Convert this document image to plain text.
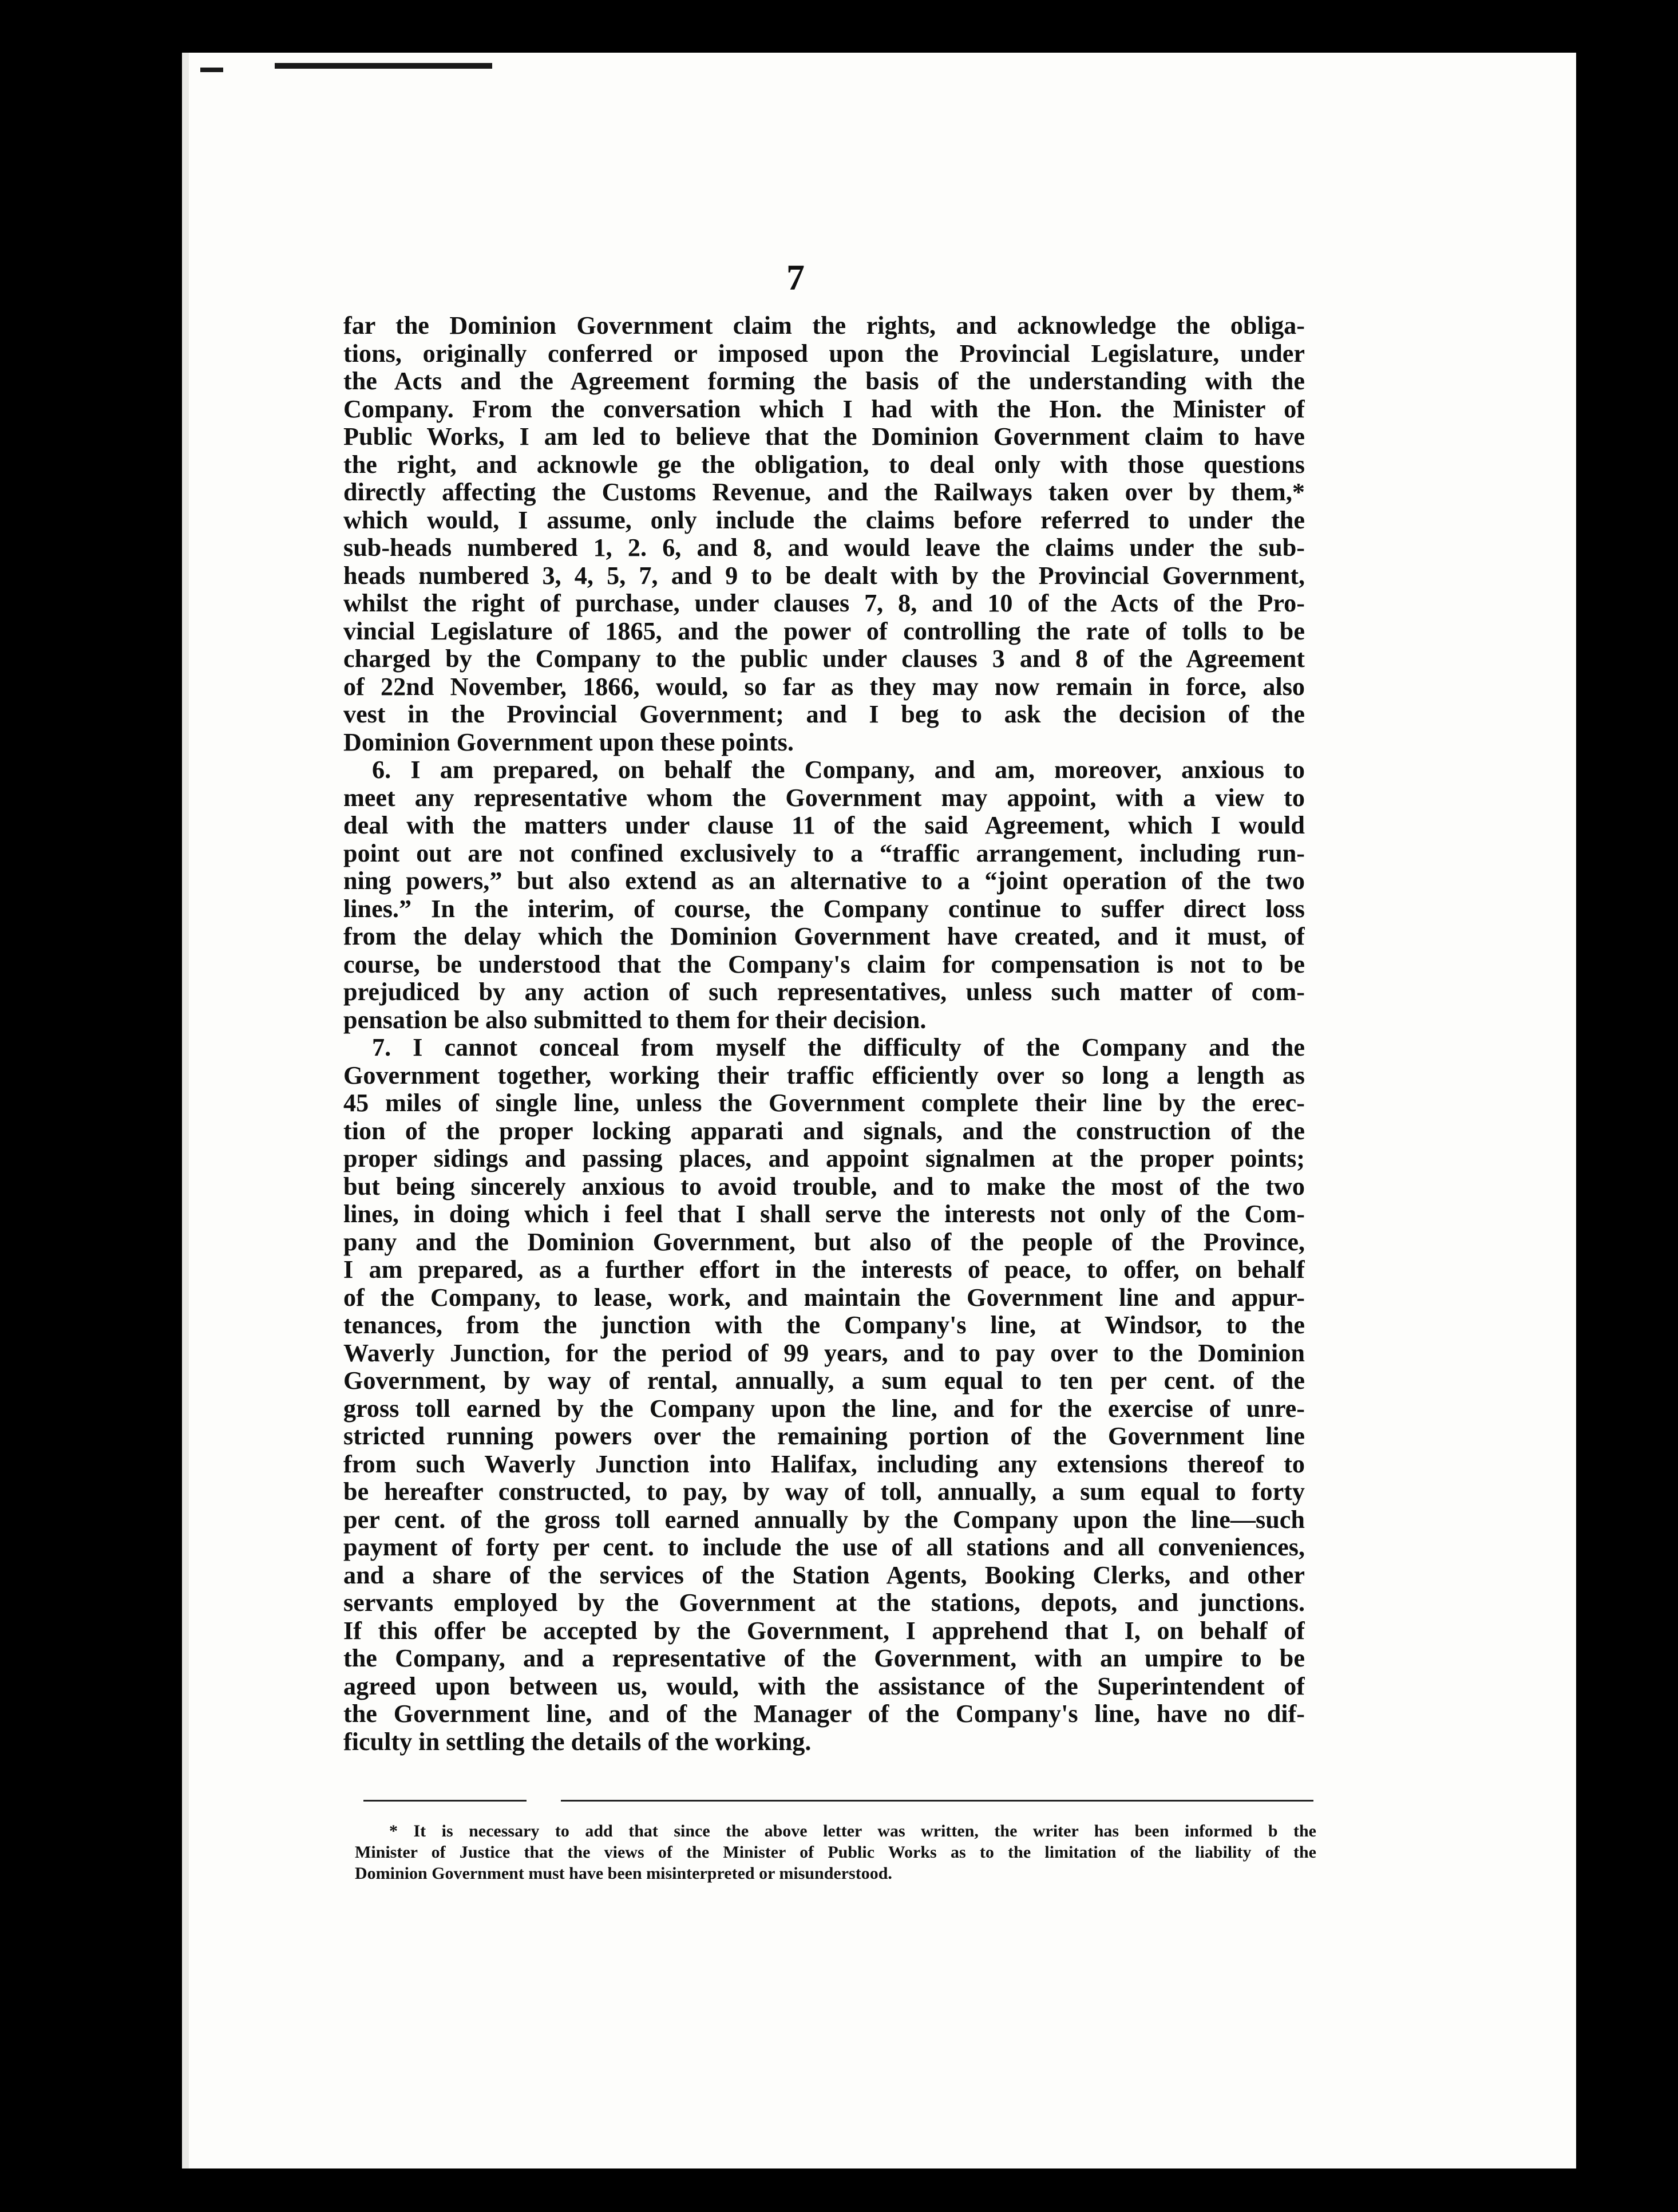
7
far the Dominion Government claim the rights, and acknowledge the obliga-
tions, originally conferred or imposed upon the Provincial Legislature, under
the Acts and the Agreement forming the basis of the understanding with the
Company. From the conversation which I had with the Hon. the Minister of
Public Works, I am led to believe that the Dominion Government claim to have
the right, and acknowle ge the obligation, to deal only with those questions
directly affecting the Customs Revenue, and the Railways taken over by them,*
which would, I assume, only include the claims before referred to under the
sub-heads numbered 1, 2. 6, and 8, and would leave the claims under the sub-
heads numbered 3, 4, 5, 7, and 9 to be dealt with by the Provincial Government,
whilst the right of purchase, under clauses 7, 8, and 10 of the Acts of the Pro-
vincial Legislature of 1865, and the power of controlling the rate of tolls to be
charged by the Company to the public under clauses 3 and 8 of the Agreement
of 22nd November, 1866, would, so far as they may now remain in force, also
vest in the Provincial Government; and I beg to ask the decision of the
Dominion Government upon these points.
6. I am prepared, on behalf the Company, and am, moreover, anxious to
meet any representative whom the Government may appoint, with a view to
deal with the matters under clause 11 of the said Agreement, which I would
point out are not confined exclusively to a “traffic arrangement, including run-
ning powers,” but also extend as an alternative to a “joint operation of the two
lines.” In the interim, of course, the Company continue to suffer direct loss
from the delay which the Dominion Government have created, and it must, of
course, be understood that the Company's claim for compensation is not to be
prejudiced by any action of such representatives, unless such matter of com-
pensation be also submitted to them for their decision.
7. I cannot conceal from myself the difficulty of the Company and the
Government together, working their traffic efficiently over so long a length as
45 miles of single line, unless the Government complete their line by the erec-
tion of the proper locking apparati and signals, and the construction of the
proper sidings and passing places, and appoint signalmen at the proper points;
but being sincerely anxious to avoid trouble, and to make the most of the two
lines, in doing which i feel that I shall serve the interests not only of the Com-
pany and the Dominion Government, but also of the people of the Province,
I am prepared, as a further effort in the interests of peace, to offer, on behalf
of the Company, to lease, work, and maintain the Government line and appur-
tenances, from the junction with the Company's line, at Windsor, to the
Waverly Junction, for the period of 99 years, and to pay over to the Dominion
Government, by way of rental, annually, a sum equal to ten per cent. of the
gross toll earned by the Company upon the line, and for the exercise of unre-
stricted running powers over the remaining portion of the Government line
from such Waverly Junction into Halifax, including any extensions thereof to
be hereafter constructed, to pay, by way of toll, annually, a sum equal to forty
per cent. of the gross toll earned annually by the Company upon the line—such
payment of forty per cent. to include the use of all stations and all conveniences,
and a share of the services of the Station Agents, Booking Clerks, and other
servants employed by the Government at the stations, depots, and junctions.
If this offer be accepted by the Government, I apprehend that I, on behalf of
the Company, and a representative of the Government, with an umpire to be
agreed upon between us, would, with the assistance of the Superintendent of
the Government line, and of the Manager of the Company's line, have no dif-
ficulty in settling the details of the working.
* It is necessary to add that since the above letter was written, the writer has been informed b the
Minister of Justice that the views of the Minister of Public Works as to the limitation of the liability of the
Dominion Government must have been misinterpreted or misunderstood.
